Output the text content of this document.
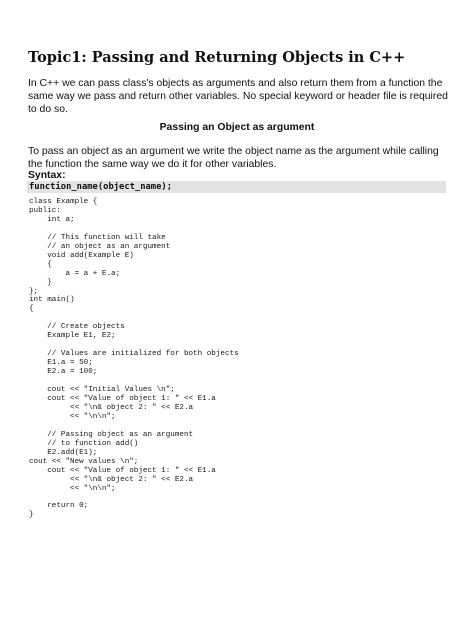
Topic1: Passing and Returning Objects in C++

In C++ we can pass class's objects as arguments and also return them from a function the same way we pass and return other variables. No special keyword or header file is required to do so.

Passing an Object as argument

To pass an object as an argument we write the object name as the argument while calling the function the same way we do it for other variables.

Syntax:
function_name(object_name);
class Example {
public:
int a;

// This function will take
// an object as an argument
void add(Example E)
{
a = a + E.a;
}
};
int main()
{

// Create objects
Example E1, E2;

// Values are initialized for both objects
E1.a = 50;
E2.a = 100;

cout << "Initial Values \n";
cout << "Value of object 1: " << E1.a
<< "\n& object 2: " << E2.a
<< "\n\n";

// Passing object as an argument
// to function add()
E2.add(E1);
cout << "New values \n";
cout << "Value of object 1: " << E1.a
<< "\n& object 2: " << E2.a
<< "\n\n";

return 0;
}
